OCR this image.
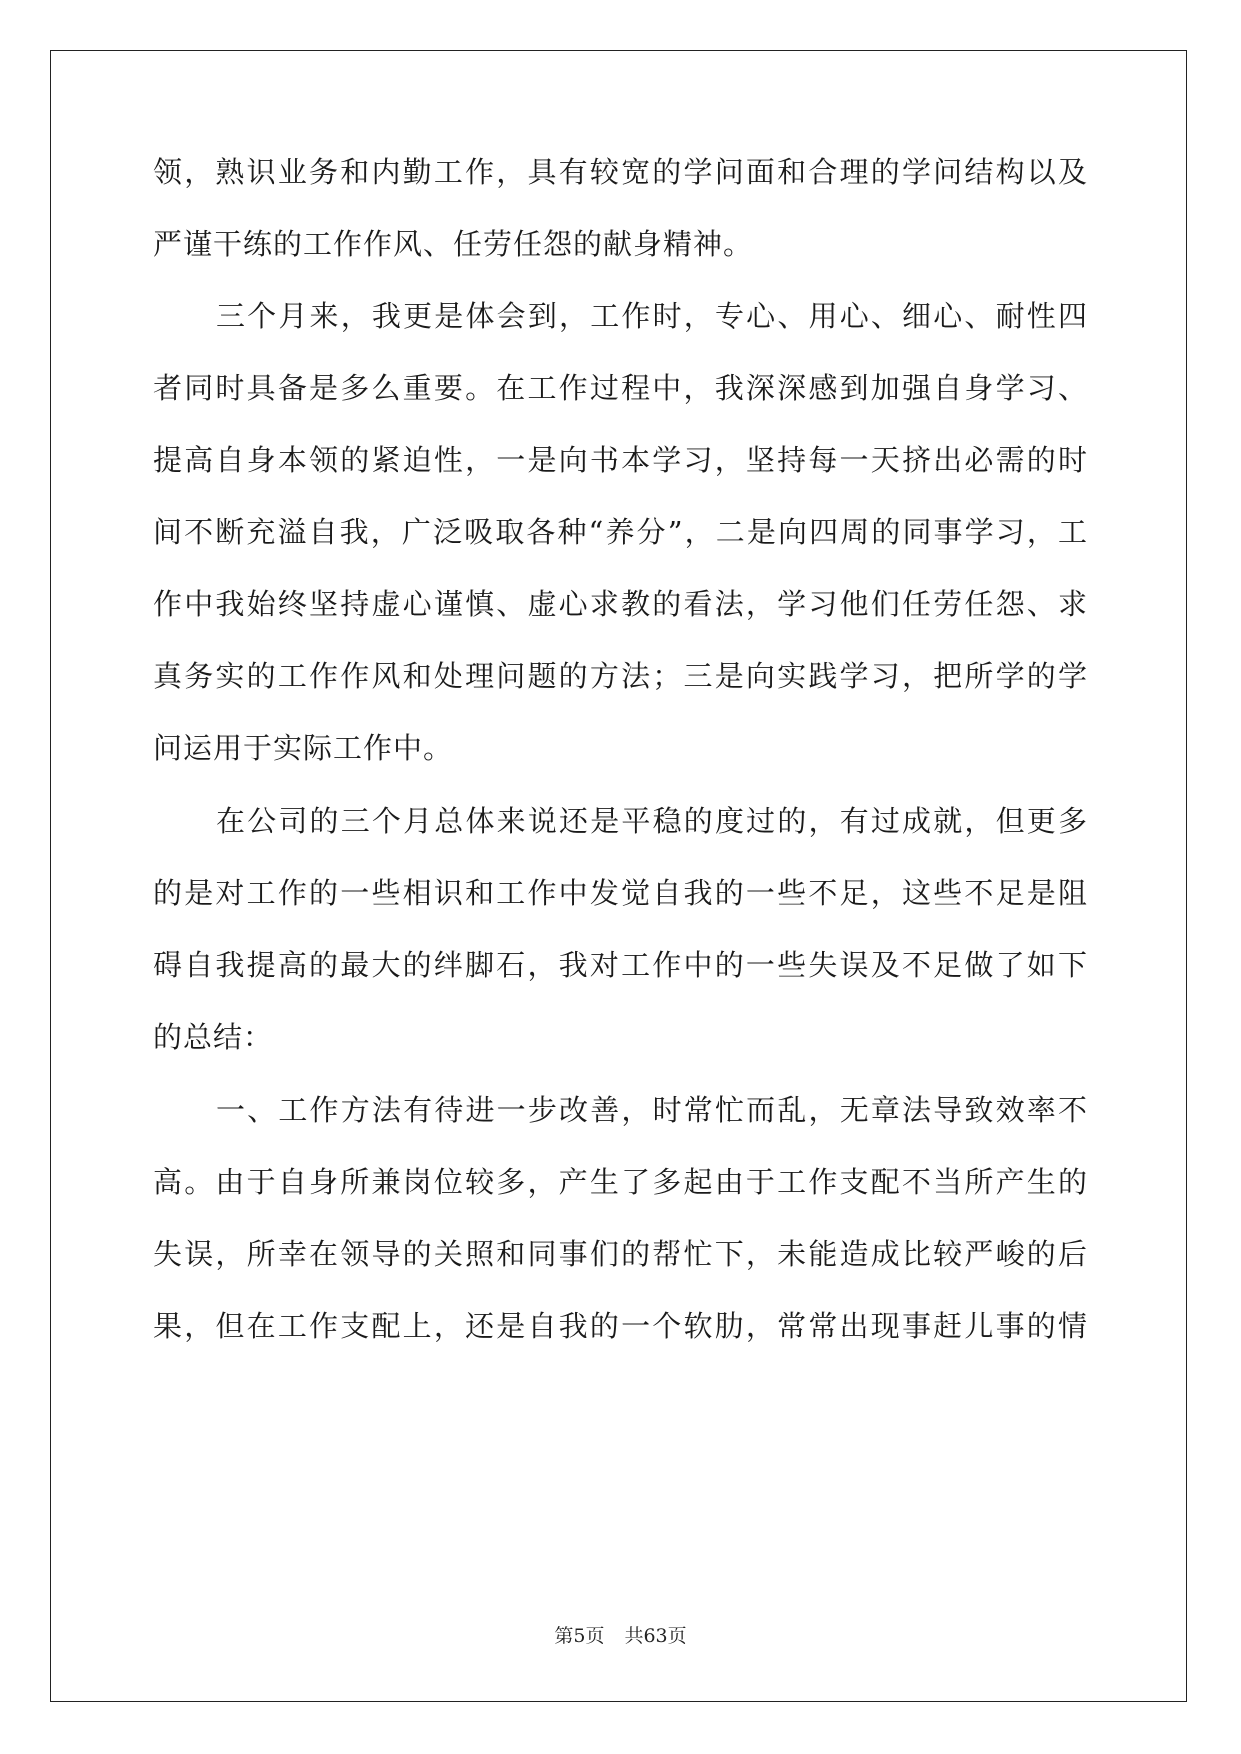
领，熟识业务和内勤工作，具有较宽的学问面和合理的学问结构以及
严谨干练的工作作风、任劳任怨的献身精神。
三个月来，我更是体会到，工作时，专心、用心、细心、耐性四
者同时具备是多么重要。在工作过程中，我深深感到加强自身学习、
提高自身本领的紧迫性，一是向书本学习，坚持每一天挤出必需的时
间不断充溢自我，广泛吸取各种“养分”，二是向四周的同事学习，工
作中我始终坚持虚心谨慎、虚心求教的看法，学习他们任劳任怨、求
真务实的工作作风和处理问题的方法；三是向实践学习，把所学的学
问运用于实际工作中。
在公司的三个月总体来说还是平稳的度过的，有过成就，但更多
的是对工作的一些相识和工作中发觉自我的一些不足，这些不足是阻
碍自我提高的最大的绊脚石，我对工作中的一些失误及不足做了如下
的总结：
一、工作方法有待进一步改善，时常忙而乱，无章法导致效率不
高。由于自身所兼岗位较多，产生了多起由于工作支配不当所产生的
失误，所幸在领导的关照和同事们的帮忙下，未能造成比较严峻的后
果，但在工作支配上，还是自我的一个软肋，常常出现事赶儿事的情
第5页 共63页
